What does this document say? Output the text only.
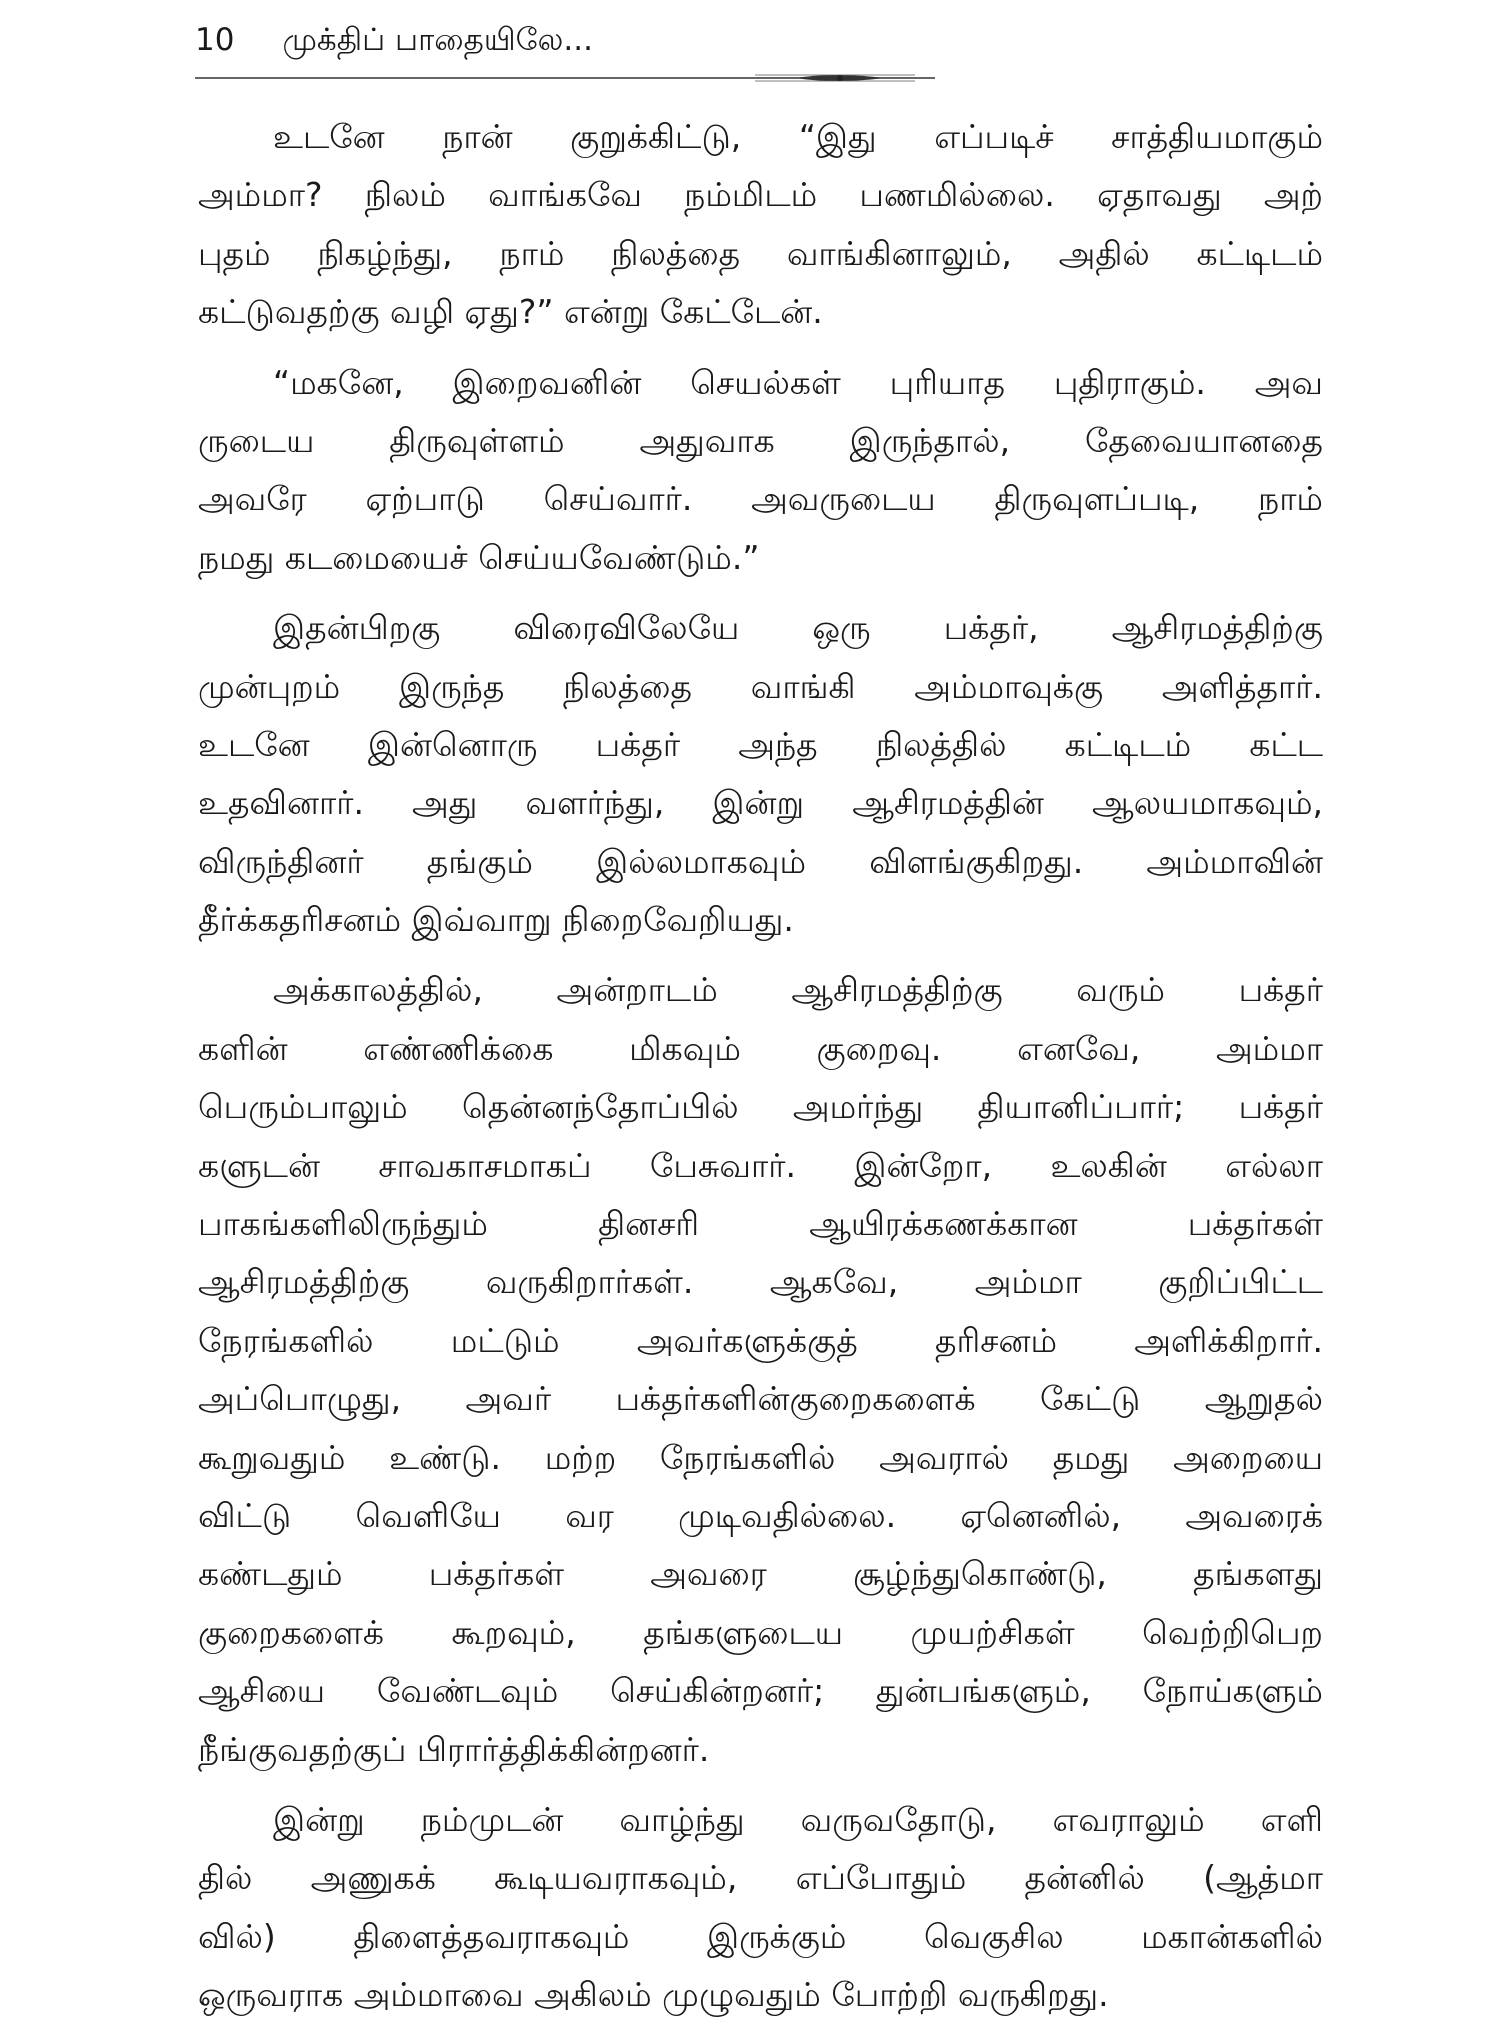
10 முக்திப் பாதையிலே...
உடனே நான் குறுக்கிட்டு, “இது எப்படிச் சாத்தியமாகும்
அம்மா? நிலம் வாங்கவே நம்மிடம் பணமில்லை. ஏதாவது அற்
புதம் நிகழ்ந்து, நாம் நிலத்தை வாங்கினாலும், அதில் கட்டிடம்
கட்டுவதற்கு வழி ஏது?” என்று கேட்டேன்.
“மகனே, இறைவனின் செயல்கள் புரியாத புதிராகும். அவ
ருடைய திருவுள்ளம் அதுவாக இருந்தால், தேவையானதை
அவரே ஏற்பாடு செய்வார். அவருடைய திருவுளப்படி, நாம்
நமது கடமையைச் செய்யவேண்டும்.”
இதன்பிறகு விரைவிலேயே ஒரு பக்தர், ஆசிரமத்திற்கு
முன்புறம் இருந்த நிலத்தை வாங்கி அம்மாவுக்கு அளித்தார்.
உடனே இன்னொரு பக்தர் அந்த நிலத்தில் கட்டிடம் கட்ட
உதவினார். அது வளர்ந்து, இன்று ஆசிரமத்தின் ஆலயமாகவும்,
விருந்தினர் தங்கும் இல்லமாகவும் விளங்குகிறது. அம்மாவின்
தீர்க்கதரிசனம் இவ்வாறு நிறைவேறியது.
அக்காலத்தில், அன்றாடம் ஆசிரமத்திற்கு வரும் பக்தர்
களின் எண்ணிக்கை மிகவும் குறைவு. எனவே, அம்மா
பெரும்பாலும் தென்னந்தோப்பில் அமர்ந்து தியானிப்பார்; பக்தர்
களுடன் சாவகாசமாகப் பேசுவார். இன்றோ, உலகின் எல்லா
பாகங்களிலிருந்தும் தினசரி ஆயிரக்கணக்கான பக்தர்கள்
ஆசிரமத்திற்கு வருகிறார்கள். ஆகவே, அம்மா குறிப்பிட்ட
நேரங்களில் மட்டும் அவர்களுக்குத் தரிசனம் அளிக்கிறார்.
அப்பொழுது, அவர் பக்தர்களின்குறைகளைக் கேட்டு ஆறுதல்
கூறுவதும் உண்டு. மற்ற நேரங்களில் அவரால் தமது அறையை
விட்டு வெளியே வர முடிவதில்லை. ஏனெனில், அவரைக்
கண்டதும் பக்தர்கள் அவரை சூழ்ந்துகொண்டு, தங்களது
குறைகளைக் கூறவும், தங்களுடைய முயற்சிகள் வெற்றிபெற
ஆசியை வேண்டவும் செய்கின்றனர்; துன்பங்களும், நோய்களும்
நீங்குவதற்குப் பிரார்த்திக்கின்றனர்.
இன்று நம்முடன் வாழ்ந்து வருவதோடு, எவராலும் எளி
தில் அணுகக் கூடியவராகவும், எப்போதும் தன்னில் (ஆத்மா
வில்) திளைத்தவராகவும் இருக்கும் வெகுசில மகான்களில்
ஒருவராக அம்மாவை அகிலம் முழுவதும் போற்றி வருகிறது.
